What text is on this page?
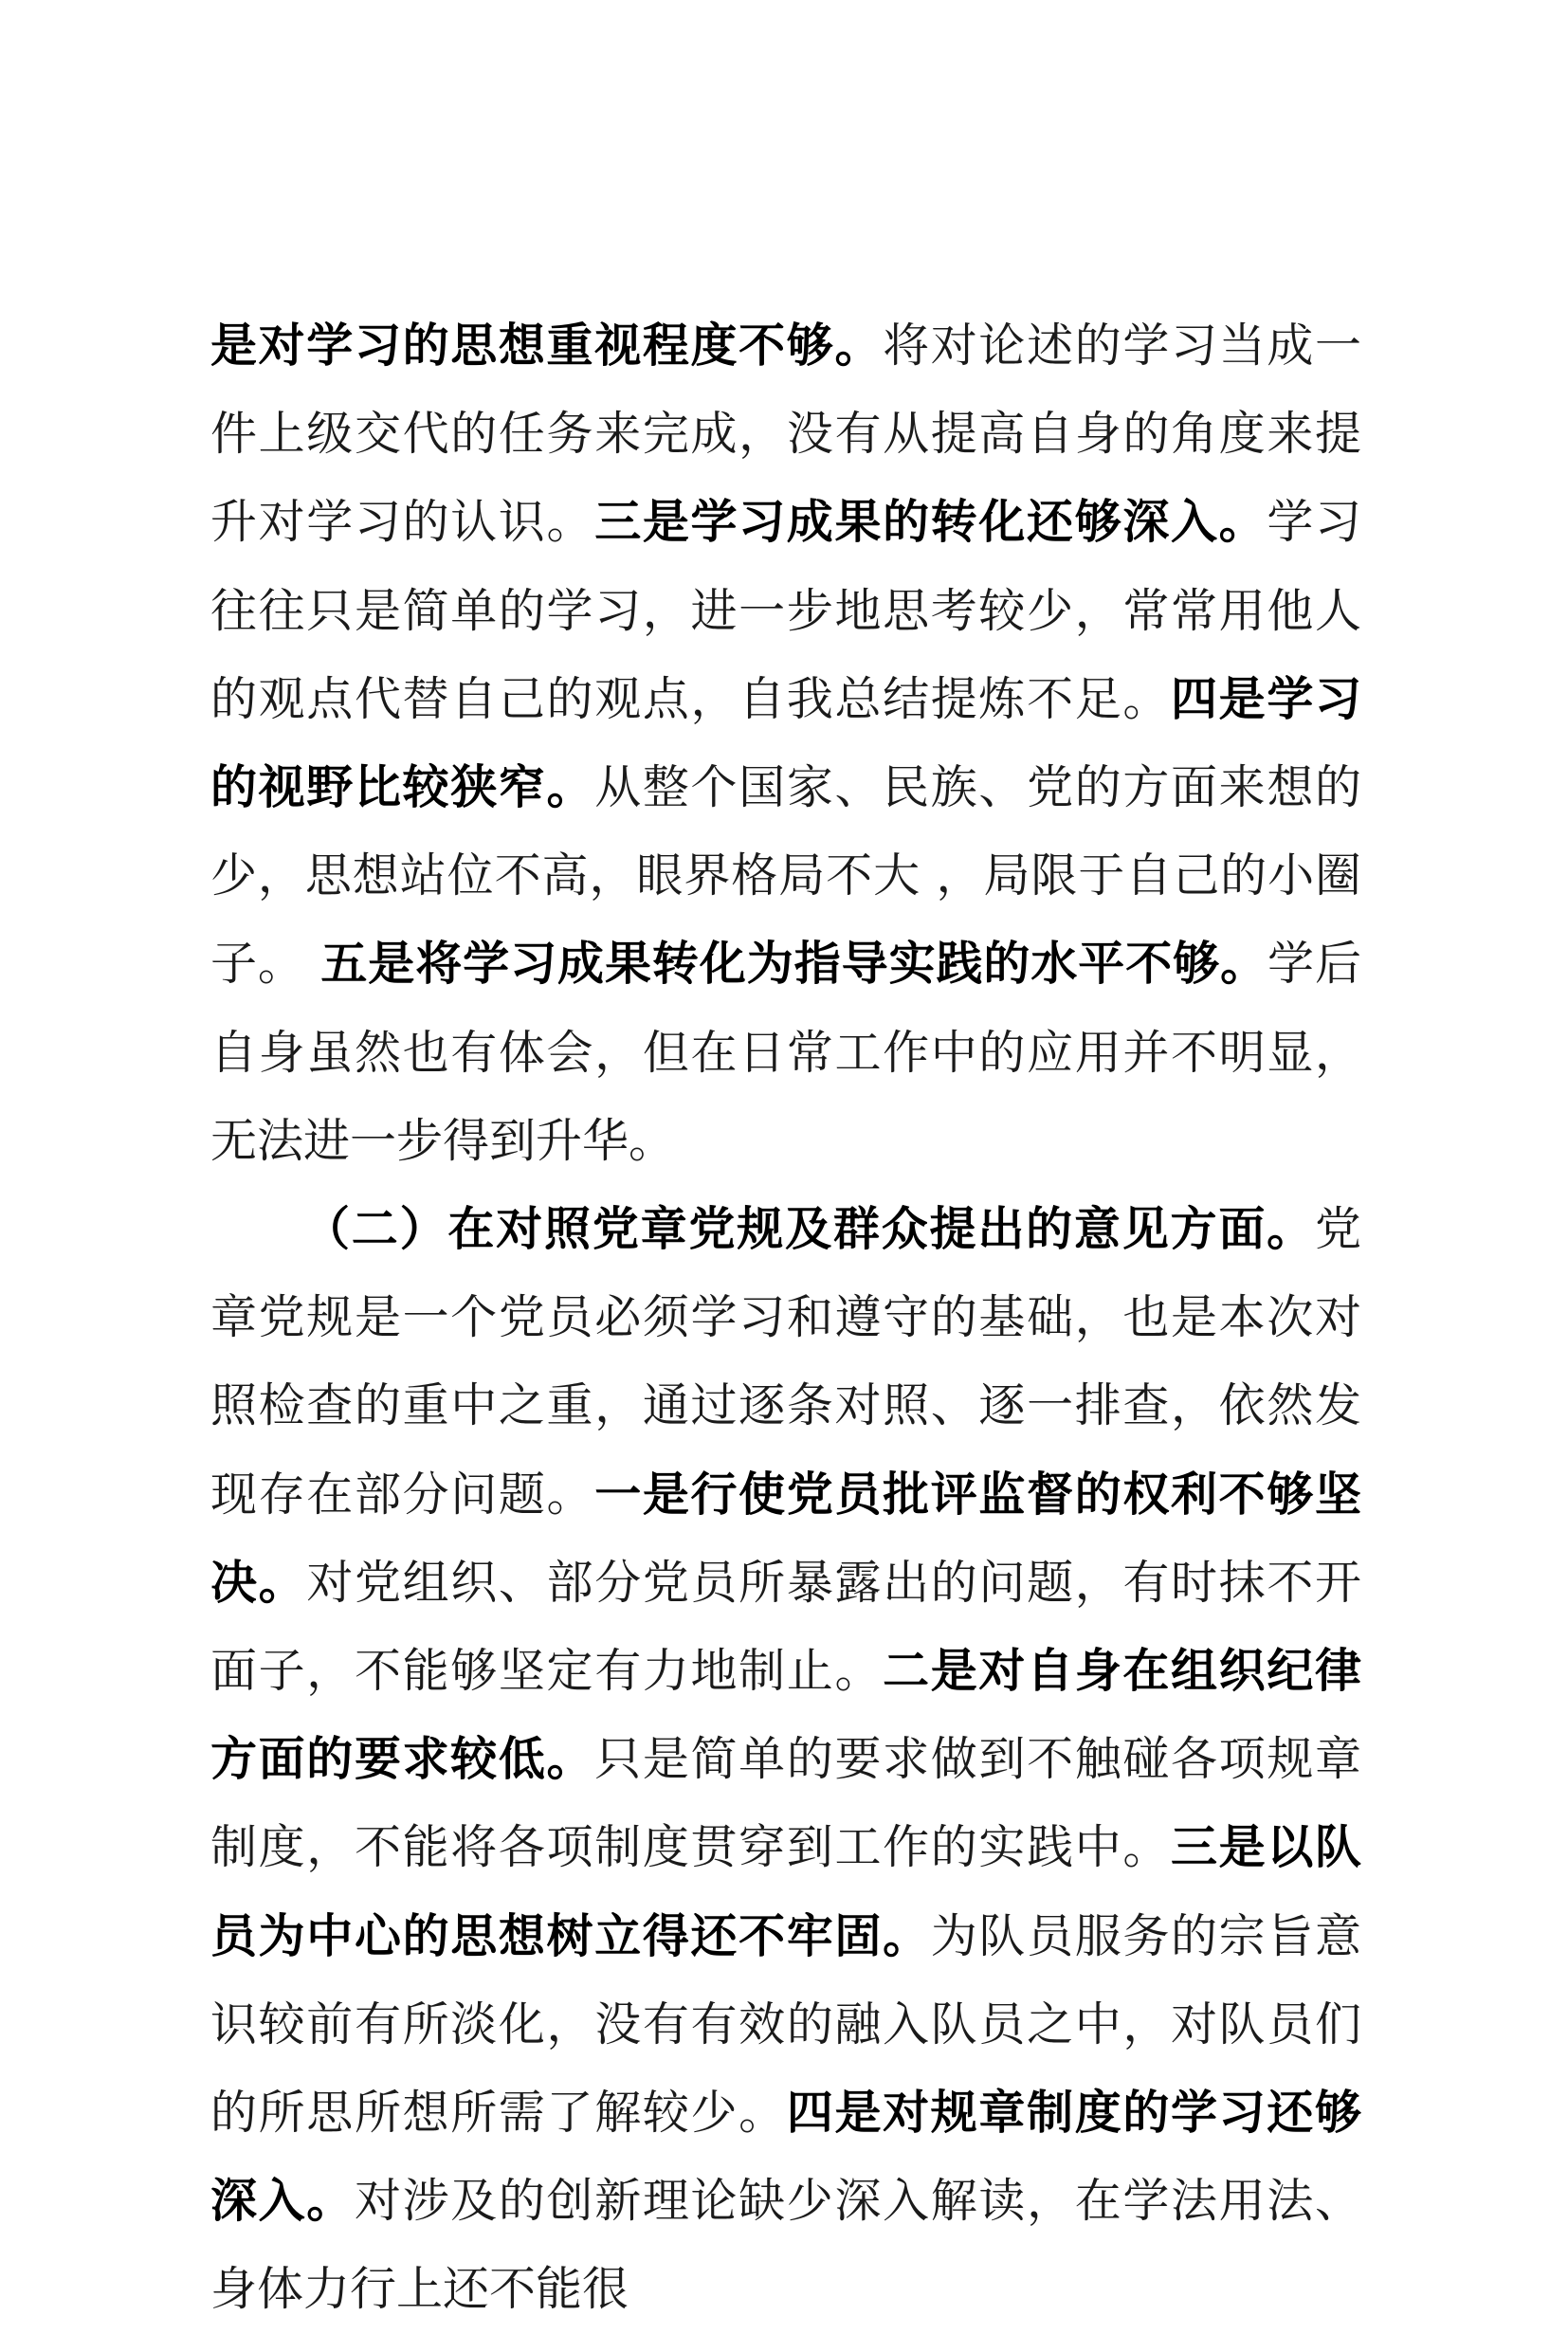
是对学习的思想重视程度不够。将对论述的学习当成一件上级交代的任务来完成，没有从提高自身的角度来提升对学习的认识。三是学习成果的转化还够深入。学习往往只是简单的学习，进一步地思考较少，常常用他人的观点代替自己的观点，自我总结提炼不足。四是学习的视野比较狭窄。从整个国家、民族、党的方面来想的少，思想站位不高，眼界格局不大 ，局限于自己的小圈子。 五是将学习成果转化为指导实践的水平不够。学后自身虽然也有体会，但在日常工作中的应用并不明显，无法进一步得到升华。

（二）在对照党章党规及群众提出的意见方面。党章党规是一个党员必须学习和遵守的基础，也是本次对照检查的重中之重，通过逐条对照、逐一排查，依然发现存在部分问题。一是行使党员批评监督的权利不够坚决。对党组织、部分党员所暴露出的问题，有时抹不开面子，不能够坚定有力地制止。二是对自身在组织纪律方面的要求较低。只是简单的要求做到不触碰各项规章制度，不能将各项制度贯穿到工作的实践中。三是以队员为中心的思想树立得还不牢固。为队员服务的宗旨意识较前有所淡化，没有有效的融入队员之中，对队员们的所思所想所需了解较少。四是对规章制度的学习还够深入。对涉及的创新理论缺少深入解读，在学法用法、身体力行上还不能很
